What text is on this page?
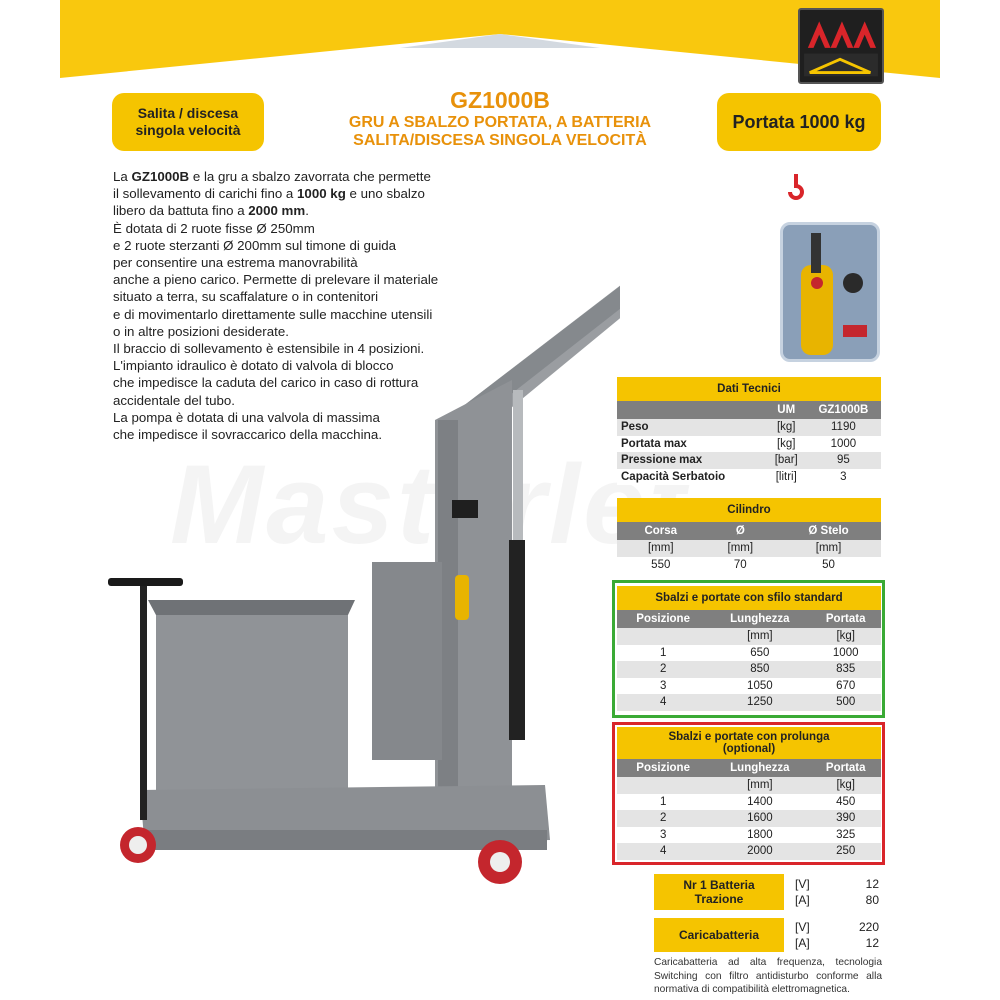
Salita / discesa
singola velocità	Portata 1000 kg
GZ1000B
GRU A SBALZO PORTATA, A BATTERIA
SALITA/DISCESA SINGOLA VELOCITÀ

La GZ1000B e la gru a sbalzo zavorrata che permette

il sollevamento di carichi fino a 1000 kg e uno sbalzo

libero da battuta fino a 2000 mm.

È dotata di 2 ruote fisse Ø 250mm

e 2 ruote sterzanti Ø 200mm sul timone di guida

per consentire una estrema manovrabilità

anche a pieno carico. Permette di prelevare il materiale

situato a terra, su scaffalature o in contenitori

e di movimentarlo direttamente sulle macchine utensili

o in altre posizioni desiderate.

Il braccio di sollevamento è estensibile in 4 posizioni.

L'impianto idraulico è dotato di valvola di blocco

che impedisce la caduta del carico in caso di rottura

accidentale del tubo.

La pompa è dotata di una valvola di massima

che impedisce il sovraccarico della macchina.

Dati Tecnici		
	UM	GZ1000B
Peso	[kg]	1190
Portata max	[kg]	1000
Pressione max	[bar]	95
Capacità Serbatoio	[litri]	3
Cilindro		
Corsa	Ø	Ø Stelo
[mm]	[mm]	[mm]
550	70	50
Sbalzi e portate con sfilo standard		
Posizione	Lunghezza	Portata
	[mm]	[kg]
1	650	1000
2	850	835
3	1050	670
4	1250	500
Sbalzi e portate con prolunga
(optional)		

Posizione	Lunghezza	Portata
	[mm]	[kg]
1	1400	450
2	1600	390
3	1800	325
4	2000	250
Nr 1 Batteria
Trazione
[V]	12
[A]	80
Caricabatteria
[V]	220
[A]	12
Caricabatteria ad alta frequenza, tecnologia Switching con filtro antidisturbo conforme alla normativa di compatibilità elettromagnetica.
